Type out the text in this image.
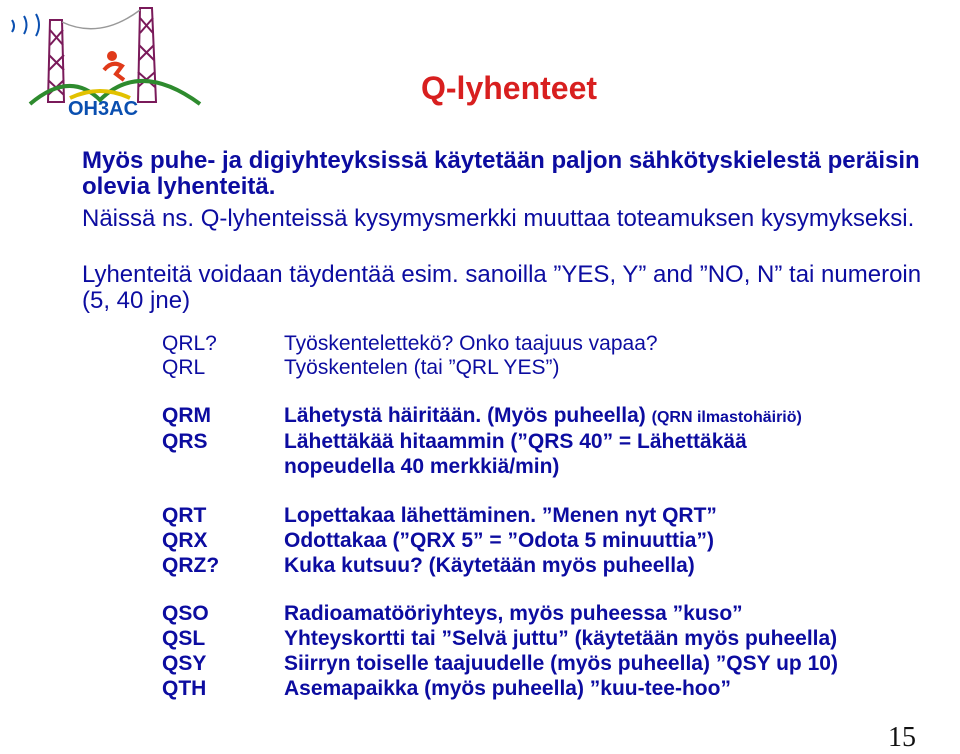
OH3AC
Q-lyhenteet

Myös puhe- ja digiyhteyksissä käytetään paljon sähkötyskielestä peräisin olevia lyhenteitä.

Näissä ns. Q-lyhenteissä kysymysmerkki muuttaa toteamuksen kysymykseksi.

Lyhenteitä voidaan täydentää esim. sanoilla ”YES, Y” and ”NO, N” tai numeroin (5, 40 jne)

QRL?	Työskentelettekö? Onko taajuus vapaa?
QRL	Työskentelen (tai ”QRL YES”)
QRM	Lähetystä häiritään. (Myös puheella) (QRN ilmastohäiriö)
QRS	Lähettäkää hitaammin (”QRS 40” = Lähettäkää
nopeudella 40 merkkiä/min)
QRT	Lopettakaa lähettäminen. ”Menen nyt QRT”
QRX	Odottakaa (”QRX 5” = ”Odota 5 minuuttia”)
QRZ?	Kuka kutsuu? (Käytetään myös puheella)
QSO	Radioamatööriyhteys, myös puheessa ”kuso”
QSL	Yhteyskortti tai ”Selvä juttu” (käytetään myös puheella)
QSY	Siirryn toiselle taajuudelle (myös puheella) ”QSY up 10)
QTH	Asemapaikka (myös puheella) ”kuu-tee-hoo”
15
